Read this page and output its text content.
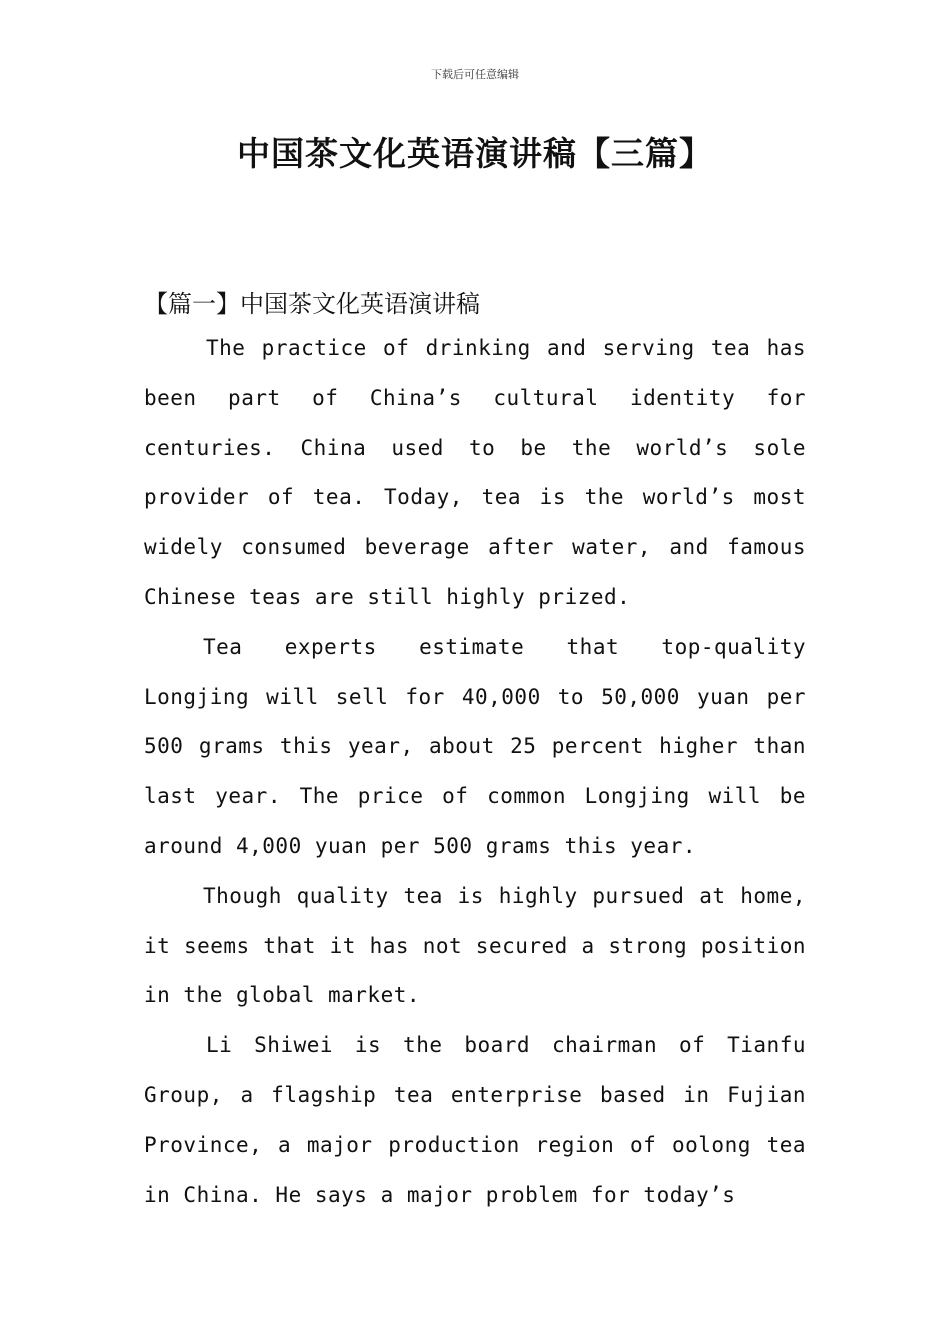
下载后可任意编辑
中国茶文化英语演讲稿【三篇】
【篇一】中国茶文化英语演讲稿

The practice of drinking and serving tea has been part of China’s cultural identity for centuries. China used to be the world’s sole provider of tea. Today, tea is the world’s most widely consumed beverage after water, and famous Chinese teas are still highly prized.

Tea experts estimate that top-quality Longjing will sell for 40,000 to 50,000 yuan per 500 grams this year, about 25 percent higher than last year. The price of common Longjing will be around 4,000 yuan per 500 grams this year.

Though quality tea is highly pursued at home, it seems that it has not secured a strong position in the global market.

Li Shiwei is the board chairman of Tianfu Group, a flagship tea enterprise based in Fujian Province, a major production region of oolong tea in China. He says a major problem for today’s
